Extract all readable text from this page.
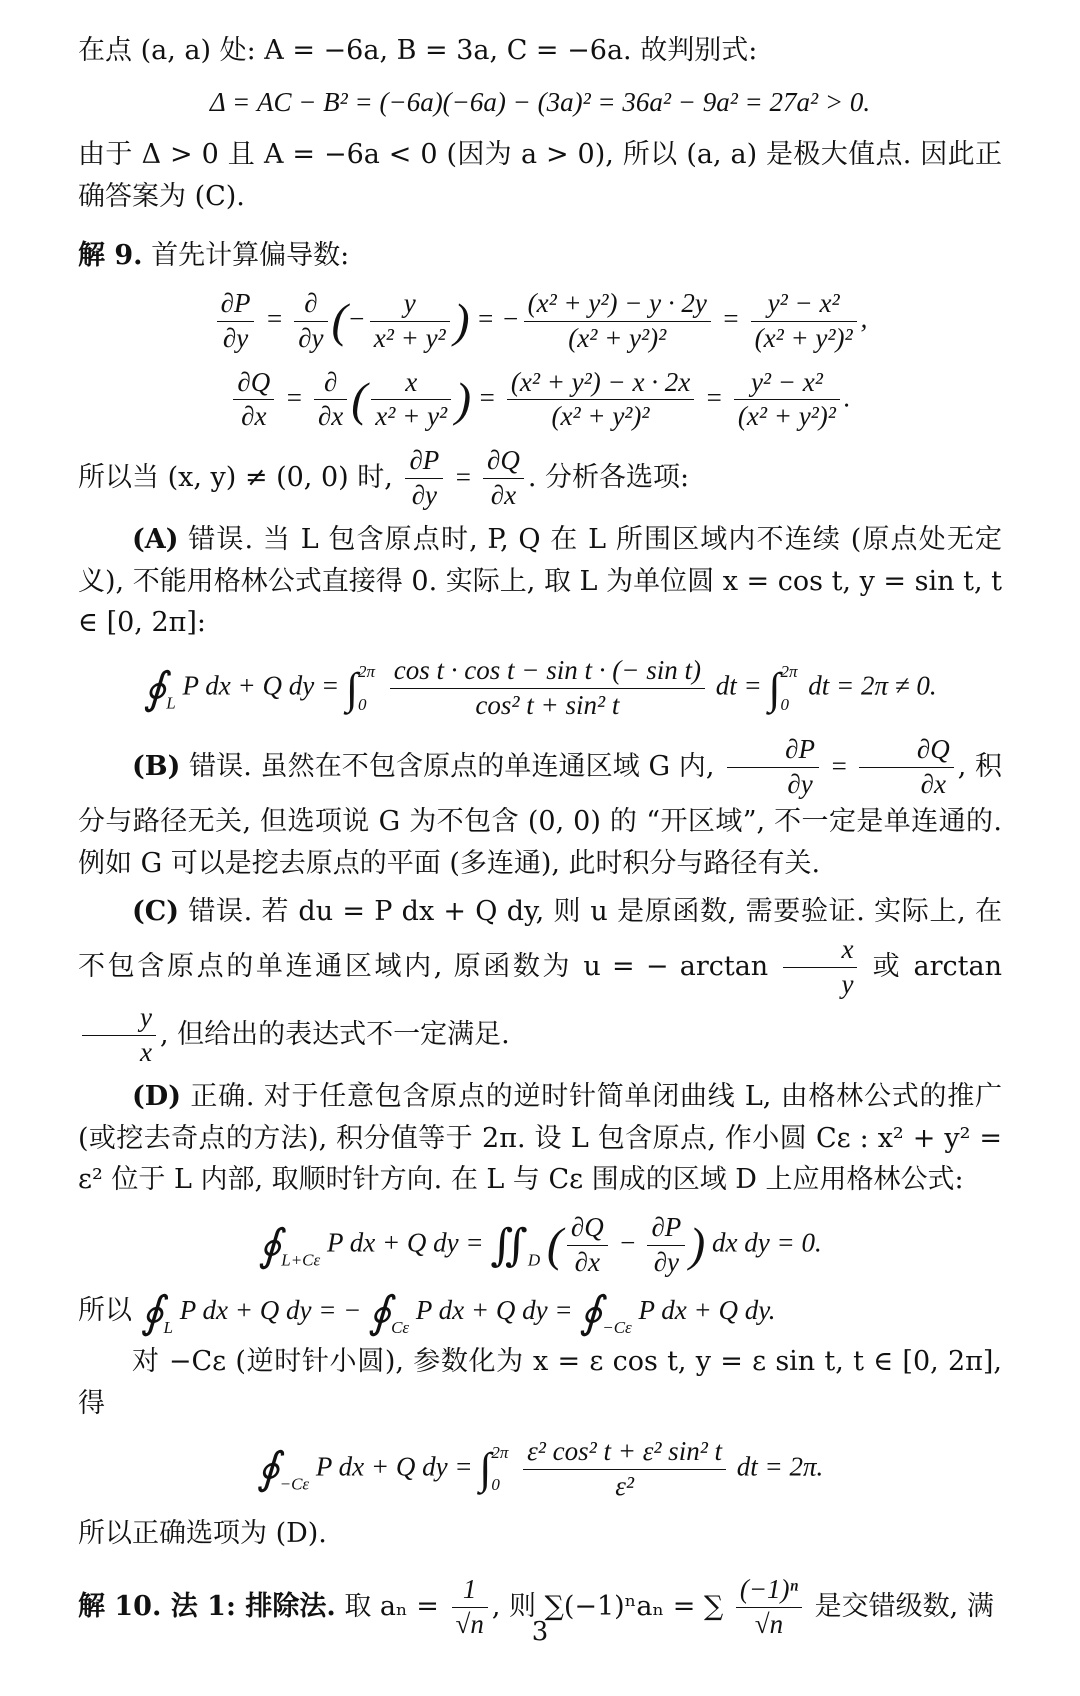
在点 (a, a) 处: A = −6a, B = 3a, C = −6a. 故判别式:

Δ = AC − B² = (−6a)(−6a) − (3a)² = 36a² − 9a² = 27a² > 0.

由于 Δ > 0 且 A = −6a < 0 (因为 a > 0), 所以 (a, a) 是极大值点. 因此正确答案为 (C).

解 9. 首先计算偏导数:

$\frac{\partial P}{\partial y} = \frac{\partial}{\partial y}$ (− $\frac{y}{\text{x² + y²}}$ ) = − $\frac{\text{(x² + y²) − y · 2y}}{\text{(x² + y²)²}} = \frac{\text{y² − x²}}{\text{(x² + y²)²}}$ ,
$\frac{\partial Q}{\partial x} = \frac{\partial}{\partial x}$ ( $\frac{x}{\text{x² + y²}}$ ) = $\frac{\text{(x² + y²) − x · 2x}}{\text{(x² + y²)²}} = \frac{\text{y² − x²}}{\text{(x² + y²)²}}$ .

所以当 (x, y) ≠ (0, 0) 时, $\frac{\partial P}{\partial y} = \frac{\partial Q}{\partial x}$ . 分析各选项:

(A) 错误. 当 L 包含原点时, P, Q 在 L 所围区域内不连续 (原点处无定义), 不能用格林公式直接得 0. 实际上, 取 L 为单位圆 x = cos t, y = sin t, t ∈ [0, 2π]:

$∮_L$ P dx + Q dy = ∫2π
$0 \frac{\text{cos t · cos t − sin t · (− sin t)}}{\text{cos² t + sin² t}}$ dt = ∫2π
0 dt = 2π ≠ 0.

(B) 错误. 虽然在不包含原点的单连通区域 G 内, $\frac{\partial P}{\partial y} = \frac{\partial Q}{\partial x}$ , 积分与路径无关, 但选项说 G 为不包含 (0, 0) 的 “开区域”, 不一定是单连通的. 例如 G 可以是挖去原点的平面 (多连通), 此时积分与路径有关.

(C) 错误. 若 du = P dx + Q dy, 则 u 是原函数, 需要验证. 实际上, 在不包含原点的单连通区域内, 原函数为 u = − $\arctan \frac{x}{y}$ 或 arctan
$\frac{y}{x}$ , 但给出的表达式不一定满足.

(D) 正确. 对于任意包含原点的逆时针简单闭曲线 L, 由格林公式的推广 (或挖去奇点的方法), 积分值等于 2π. 设 L 包含原点, 作小圆 Cε : x² + y² = ε² 位于 L 内部, 取顺时针方向. 在 L 与 Cε 围成的区域 D 上应用格林公式:

$∮_{L+C\varepsilon}$ P dx + Q dy = $∬_D$ ( $\frac{\partial Q}{\partial x} - \frac{\partial P}{\partial y}$ ) dx dy = 0.

所以 $∮_L$ P dx + Q dy = − $∮_{C\varepsilon}$ P dx + Q dy = $∮_{-C\varepsilon}$ P dx + Q dy.

对 −Cε (逆时针小圆), 参数化为 x = ε cos t, y = ε sin t, t ∈ [0, 2π], 得

$∮_{-C\varepsilon}$ P dx + Q dy = ∫2π
$0 \frac{\text{ε² cos² t + ε² sin² t}}{\text{ε²}}$ dt = 2π.

所以正确选项为 (D).

解 10. 法 1: 排除法. 取 $a_n = \frac{1}{√n}$ , 则 ∑(−1)ⁿaₙ = ∑ $\frac{\text{(−1)ⁿ}}{√n}$ 是交错级数, 满

3
